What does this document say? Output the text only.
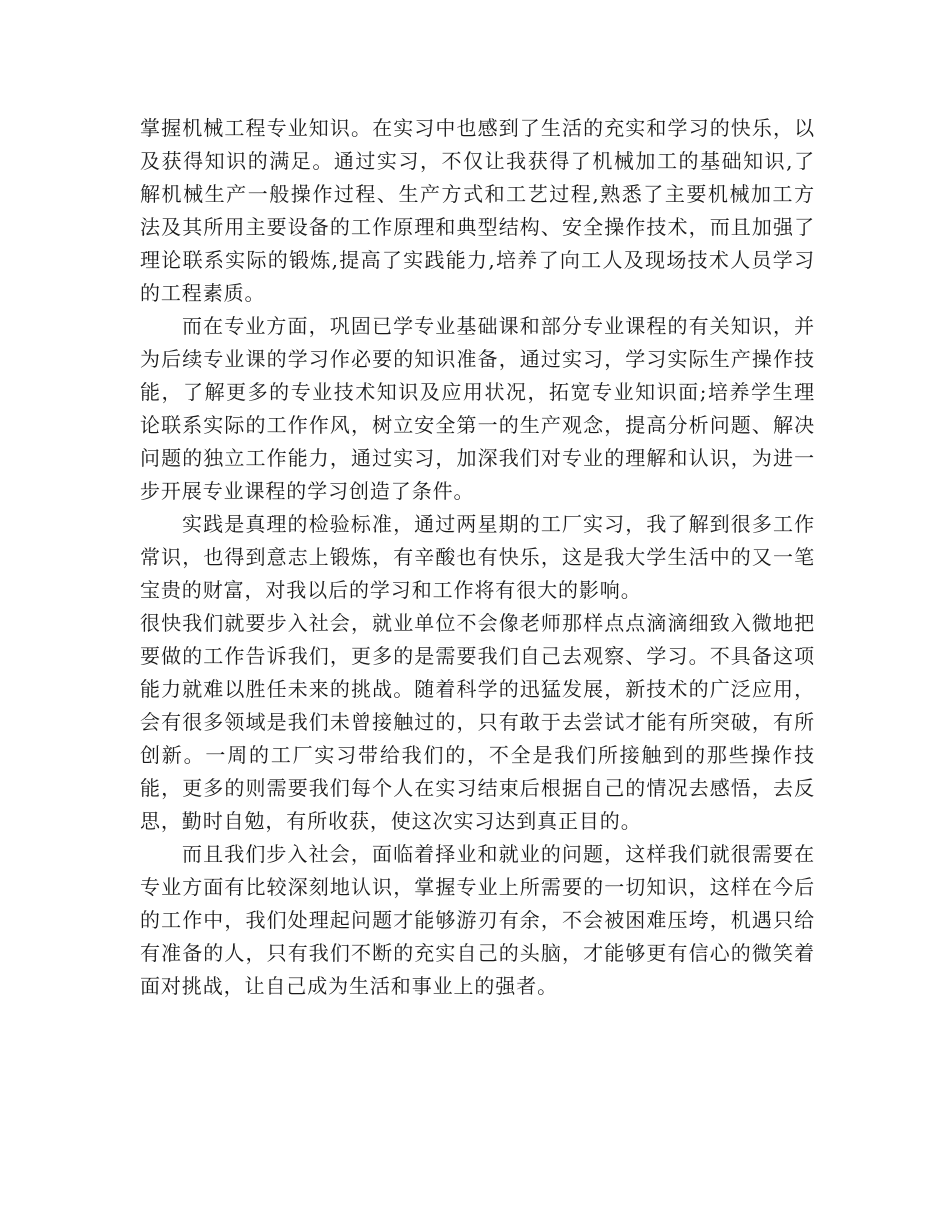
掌握机械工程专业知识。在实习中也感到了生活的充实和学习的快乐，以及获得知识的满足。通过实习，不仅让我获得了机械加工的基础知识,了解机械生产一般操作过程、生产方式和工艺过程,熟悉了主要机械加工方法及其所用主要设备的工作原理和典型结构、安全操作技术，而且加强了理论联系实际的锻炼,提高了实践能力,培养了向工人及现场技术人员学习的工程素质。

而在专业方面，巩固已学专业基础课和部分专业课程的有关知识，并为后续专业课的学习作必要的知识准备，通过实习，学习实际生产操作技能，了解更多的专业技术知识及应用状况，拓宽专业知识面;培养学生理论联系实际的工作作风，树立安全第一的生产观念，提高分析问题、解决问题的独立工作能力，通过实习，加深我们对专业的理解和认识，为进一步开展专业课程的学习创造了条件。

实践是真理的检验标准，通过两星期的工厂实习，我了解到很多工作常识，也得到意志上锻炼，有辛酸也有快乐，这是我大学生活中的又一笔宝贵的财富，对我以后的学习和工作将有很大的影响。

很快我们就要步入社会，就业单位不会像老师那样点点滴滴细致入微地把要做的工作告诉我们，更多的是需要我们自己去观察、学习。不具备这项能力就难以胜任未来的挑战。随着科学的迅猛发展，新技术的广泛应用，会有很多领域是我们未曾接触过的，只有敢于去尝试才能有所突破，有所创新。一周的工厂实习带给我们的，不全是我们所接触到的那些操作技能，更多的则需要我们每个人在实习结束后根据自己的情况去感悟，去反思，勤时自勉，有所收获，使这次实习达到真正目的。

而且我们步入社会，面临着择业和就业的问题，这样我们就很需要在专业方面有比较深刻地认识，掌握专业上所需要的一切知识，这样在今后的工作中，我们处理起问题才能够游刃有余，不会被困难压垮，机遇只给有准备的人，只有我们不断的充实自己的头脑，才能够更有信心的微笑着面对挑战，让自己成为生活和事业上的强者。
